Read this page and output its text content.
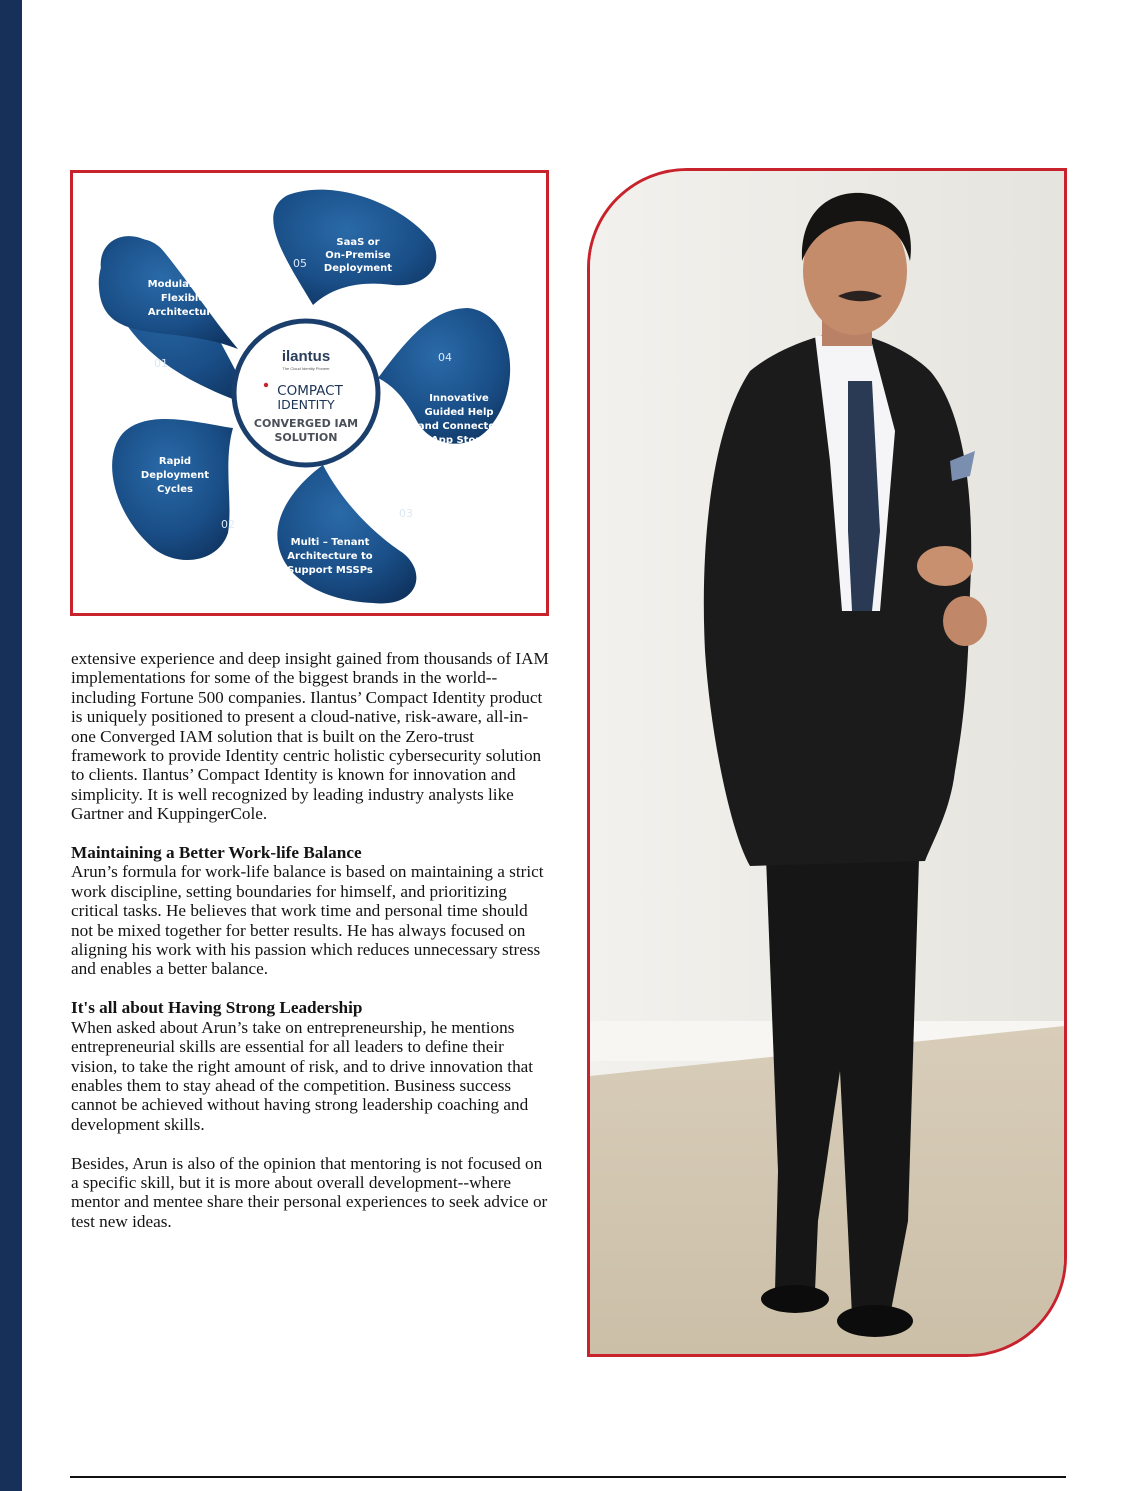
ilantus
The Cloud Identity Pioneer
COMPACT
IDENTITY
CONVERGED IAM
SOLUTION
Modular and
Flexible
Architecture
01
SaaS or
On-Premise
Deployment
05
04
Innovative
Guided Help
and Connector
App Store
03
Multi – Tenant
Architecture to
Support MSSPs
Rapid
Deployment
Cycles
02

extensive experience and deep insight gained from thousands of IAM implementations for some of the biggest brands in the world--including Fortune 500 companies. Ilantus’ Compact Identity product is uniquely positioned to present a cloud-native, risk-aware, all-in-one Converged IAM solution that is built on the Zero-trust framework to provide Identity centric holistic cybersecurity solution to clients. Ilantus’ Compact Identity is known for innovation and simplicity. It is well recognized by leading industry analysts like Gartner and KuppingerCole.

Maintaining a Better Work-life Balance

Arun’s formula for work-life balance is based on maintaining a strict work discipline, setting boundaries for himself, and prioritizing critical tasks. He believes that work time and personal time should not be mixed together for better results. He has always focused on aligning his work with his passion which reduces unnecessary stress and enables a better balance.

It's all about Having Strong Leadership

When asked about Arun’s take on entrepreneurship, he mentions entrepreneurial skills are essential for all leaders to define their vision, to take the right amount of risk, and to drive innovation that enables them to stay ahead of the competition. Business success cannot be achieved without having strong leadership coaching and development skills.

Besides, Arun is also of the opinion that mentoring is not focused on a specific skill, but it is more about overall development--where mentor and mentee share their personal experiences to seek advice or test new ideas.
